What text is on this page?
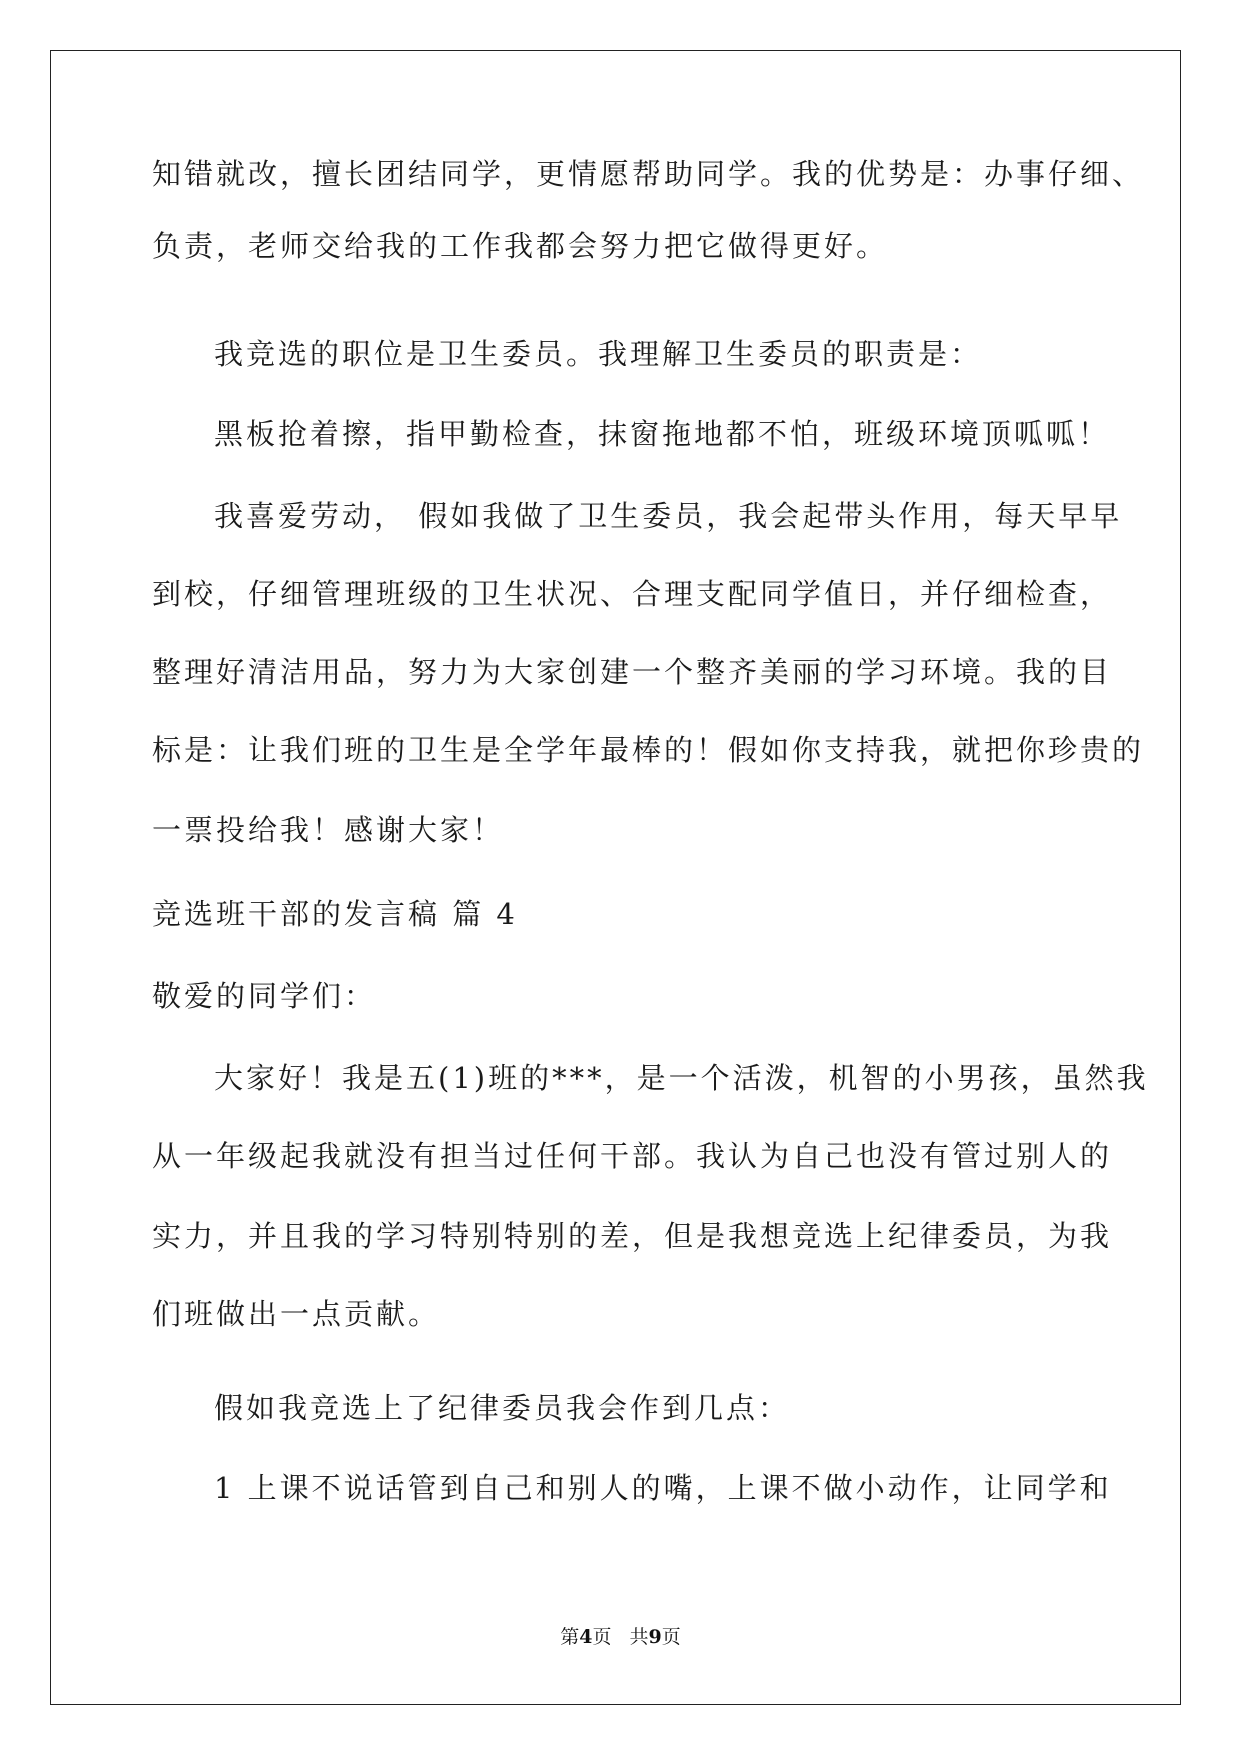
知错就改，擅长团结同学，更情愿帮助同学。我的优势是：办事仔细、
负责，老师交给我的工作我都会努力把它做得更好。
我竞选的职位是卫生委员。我理解卫生委员的职责是：
黑板抢着擦，指甲勤检查，抹窗拖地都不怕，班级环境顶呱呱！
我喜爱劳动， 假如我做了卫生委员，我会起带头作用，每天早早
到校，仔细管理班级的卫生状况、合理支配同学值日，并仔细检查，
整理好清洁用品，努力为大家创建一个整齐美丽的学习环境。我的目
标是：让我们班的卫生是全学年最棒的！假如你支持我，就把你珍贵的
一票投给我！感谢大家！
竞选班干部的发言稿 篇 4
敬爱的同学们：
大家好！我是五(1)班的***，是一个活泼，机智的小男孩，虽然我
从一年级起我就没有担当过任何干部。我认为自己也没有管过别人的
实力，并且我的学习特别特别的差，但是我想竞选上纪律委员，为我
们班做出一点贡献。
假如我竞选上了纪律委员我会作到几点：
1 上课不说话管到自己和别人的嘴，上课不做小动作，让同学和
第4页 共9页
